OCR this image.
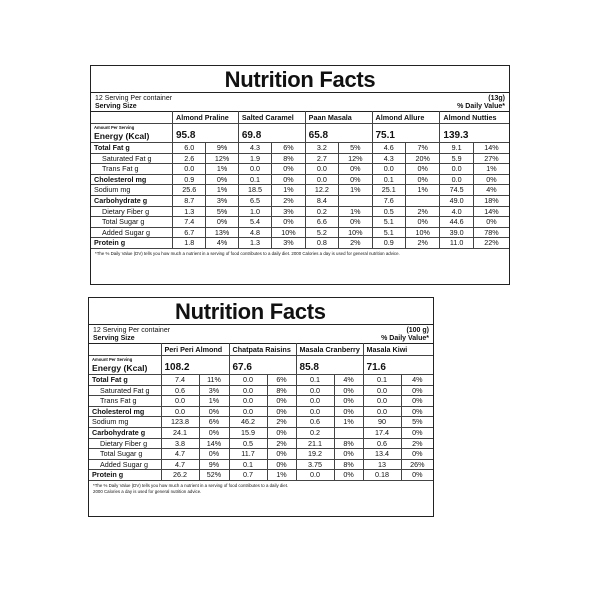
Nutrition Facts
12 Serving Per container
Serving Size
(13g)
% Daily Value*
	Almond Praline		Salted Caramel		Paan Masala		Almond Allure		Almond Nutties	
Amount Per Serving										
Energy (Kcal)	95.8		69.8		65.8		75.1		139.3	
Total Fat g	6.0	9%	4.3	6%	3.2	5%	4.6	7%	9.1	14%
Saturated Fat g	2.6	12%	1.9	8%	2.7	12%	4.3	20%	5.9	27%
Trans Fat g	0.0	1%	0.0	0%	0.0	0%	0.0	0%	0.0	1%
Cholesterol mg	0.9	0%	0.1	0%	0.0	0%	0.1	0%	0.0	0%
Sodium mg	25.6	1%	18.5	1%	12.2	1%	25.1	1%	74.5	4%
Carbohydrate g	8.7	3%	6.5	2%	8.4		7.6		49.0	18%
Dietary Fiber g	1.3	5%	1.0	3%	0.2	1%	0.5	2%	4.0	14%
Total Sugar g	7.4	0%	5.4	0%	6.6	0%	5.1	0%	44.6	0%
Added Sugar g	6.7	13%	4.8	10%	5.2	10%	5.1	10%	39.0	78%
Protein g	1.8	4%	1.3	3%	0.8	2%	0.9	2%	11.0	22%
*The % Daily Value (DV) tells you how much a nutrient in a serving of food contributes to a daily diet. 2000 Calories a day is used for general nutrition advice.
Nutrition Facts
12 Serving Per container
Serving Size
(100 g)
% Daily Value*
	Peri Peri Almond		Chatpata Raisins		Masala Cranberry		Masala Kiwi	
Amount Per Serving								
Energy (Kcal)	108.2		67.6		85.8		71.6	
Total Fat g	7.4	11%	0.0	6%	0.1	4%	0.1	4%
Saturated Fat g	0.6	3%	0.0	8%	0.0	0%	0.0	0%
Trans Fat g	0.0	1%	0.0	0%	0.0	0%	0.0	0%
Cholesterol mg	0.0	0%	0.0	0%	0.0	0%	0.0	0%
Sodium mg	123.8	6%	46.2	2%	0.6	1%	90	5%
Carbohydrate g	24.1	0%	15.9	0%	0.2		17.4	0%
Dietary Fiber g	3.8	14%	0.5	2%	21.1	8%	0.6	2%
Total Sugar g	4.7	0%	11.7	0%	19.2	0%	13.4	0%
Added Sugar g	4.7	9%	0.1	0%	3.75	8%	13	26%
Protein g	26.2	52%	0.7	1%	0.0	0%	0.18	0%
*The % Daily Value (DV) tells you how much a nutrient in a serving of food contributes to a daily diet.
2000 Calories a day is used for general nutrition advice.
